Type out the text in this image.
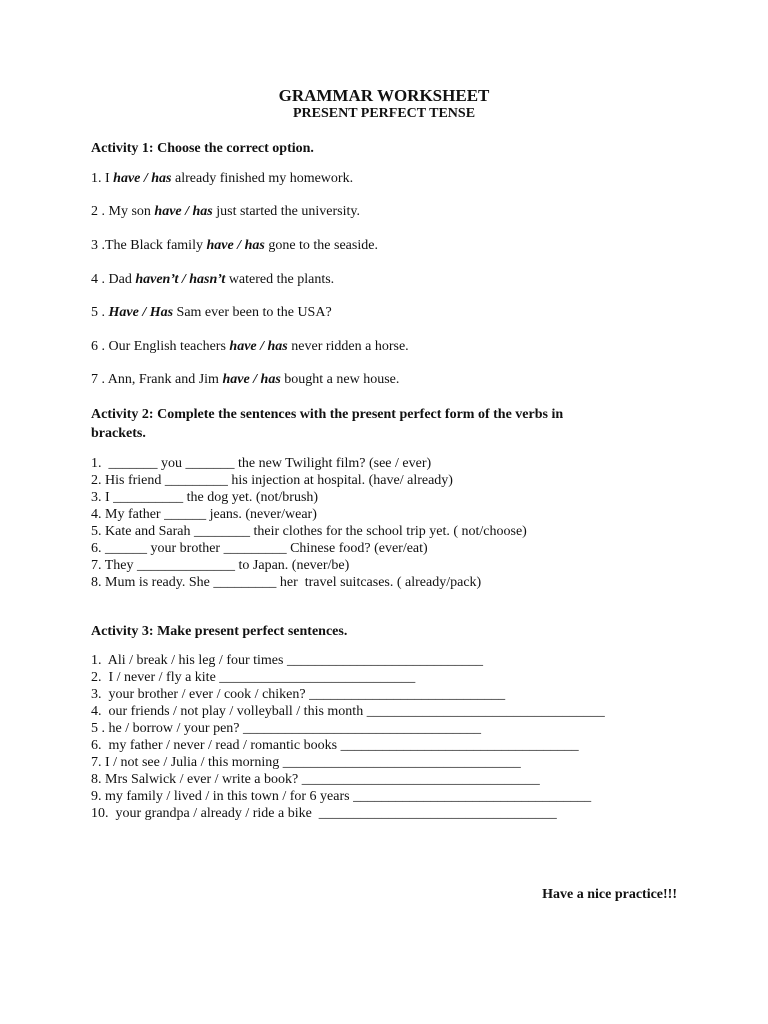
GRAMMAR WORKSHEET
PRESENT PERFECT TENSE
Activity 1: Choose the correct option.
1. I have / has already finished my homework.
2 . My son have / has just started the university.
3 .The Black family have / has gone to the seaside.
4 . Dad haven’t / hasn’t watered the plants.
5 . Have / Has Sam ever been to the USA?
6 . Our English teachers have / has never ridden a horse.
7 . Ann, Frank and Jim have / has bought a new house.
Activity 2: Complete the sentences with the present perfect form of the verbs in
brackets.
1.  _______ you _______ the new Twilight film? (see / ever)
2. His friend _________ his injection at hospital. (have/ already)
3. I __________ the dog yet. (not/brush)
4. My father ______ jeans. (never/wear)
5. Kate and Sarah ________ their clothes for the school trip yet. ( not/choose)
6. ______ your brother _________ Chinese food? (ever/eat)
7. They ______________ to Japan. (never/be)
8. Mum is ready. She _________ her  travel suitcases. ( already/pack)
Activity 3: Make present perfect sentences.
1.  Ali / break / his leg / four times ____________________________
2.  I / never / fly a kite ____________________________
3.  your brother / ever / cook / chiken? ____________________________
4.  our friends / not play / volleyball / this month __________________________________
5 . he / borrow / your pen? __________________________________
6.  my father / never / read / romantic books __________________________________
7. I / not see / Julia / this morning __________________________________
8. Mrs Salwick / ever / write a book? __________________________________
9. my family / lived / in this town / for 6 years __________________________________
10.  your grandpa / already / ride a bike  __________________________________
Have a nice practice!!!
